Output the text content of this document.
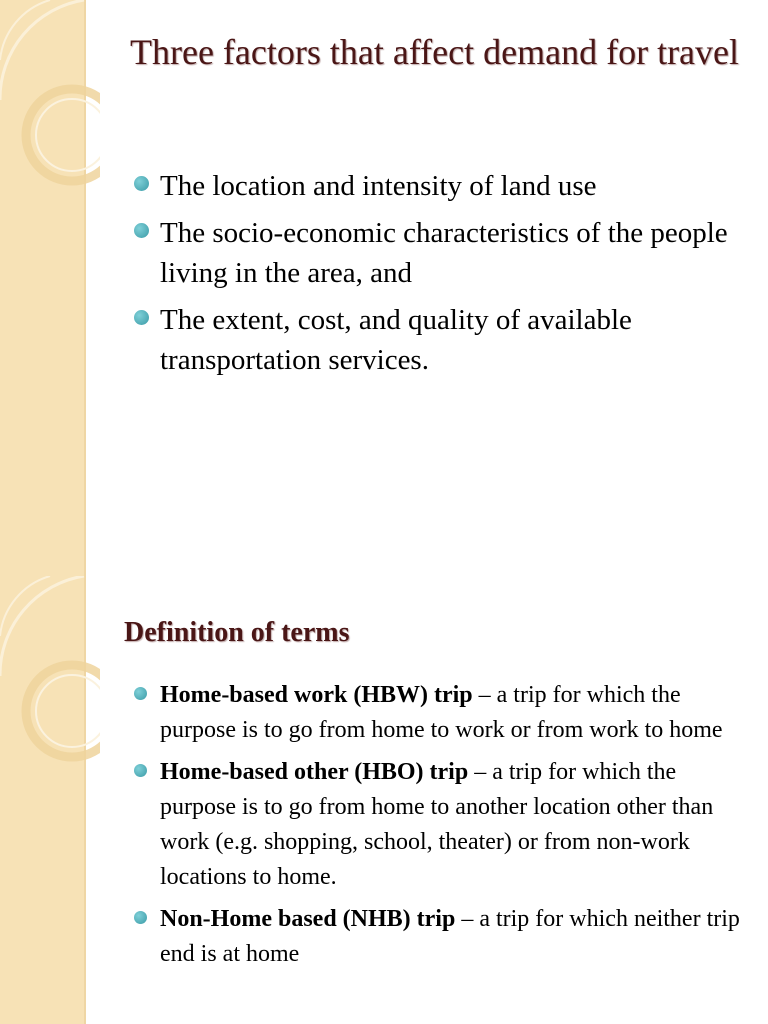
Three factors that affect demand for travel
The location and intensity of land use
The socio-economic characteristics of the people living in the area, and
The extent, cost, and quality of available transportation services.
Definition of terms
Home-based work (HBW) trip – a trip for which the purpose is to go from home to work or from work to home
Home-based other (HBO) trip – a trip for which the purpose is to go from home to another location other than work (e.g. shopping, school, theater) or from non-work locations to home.
Non-Home based (NHB) trip – a trip for which neither trip end is at home
